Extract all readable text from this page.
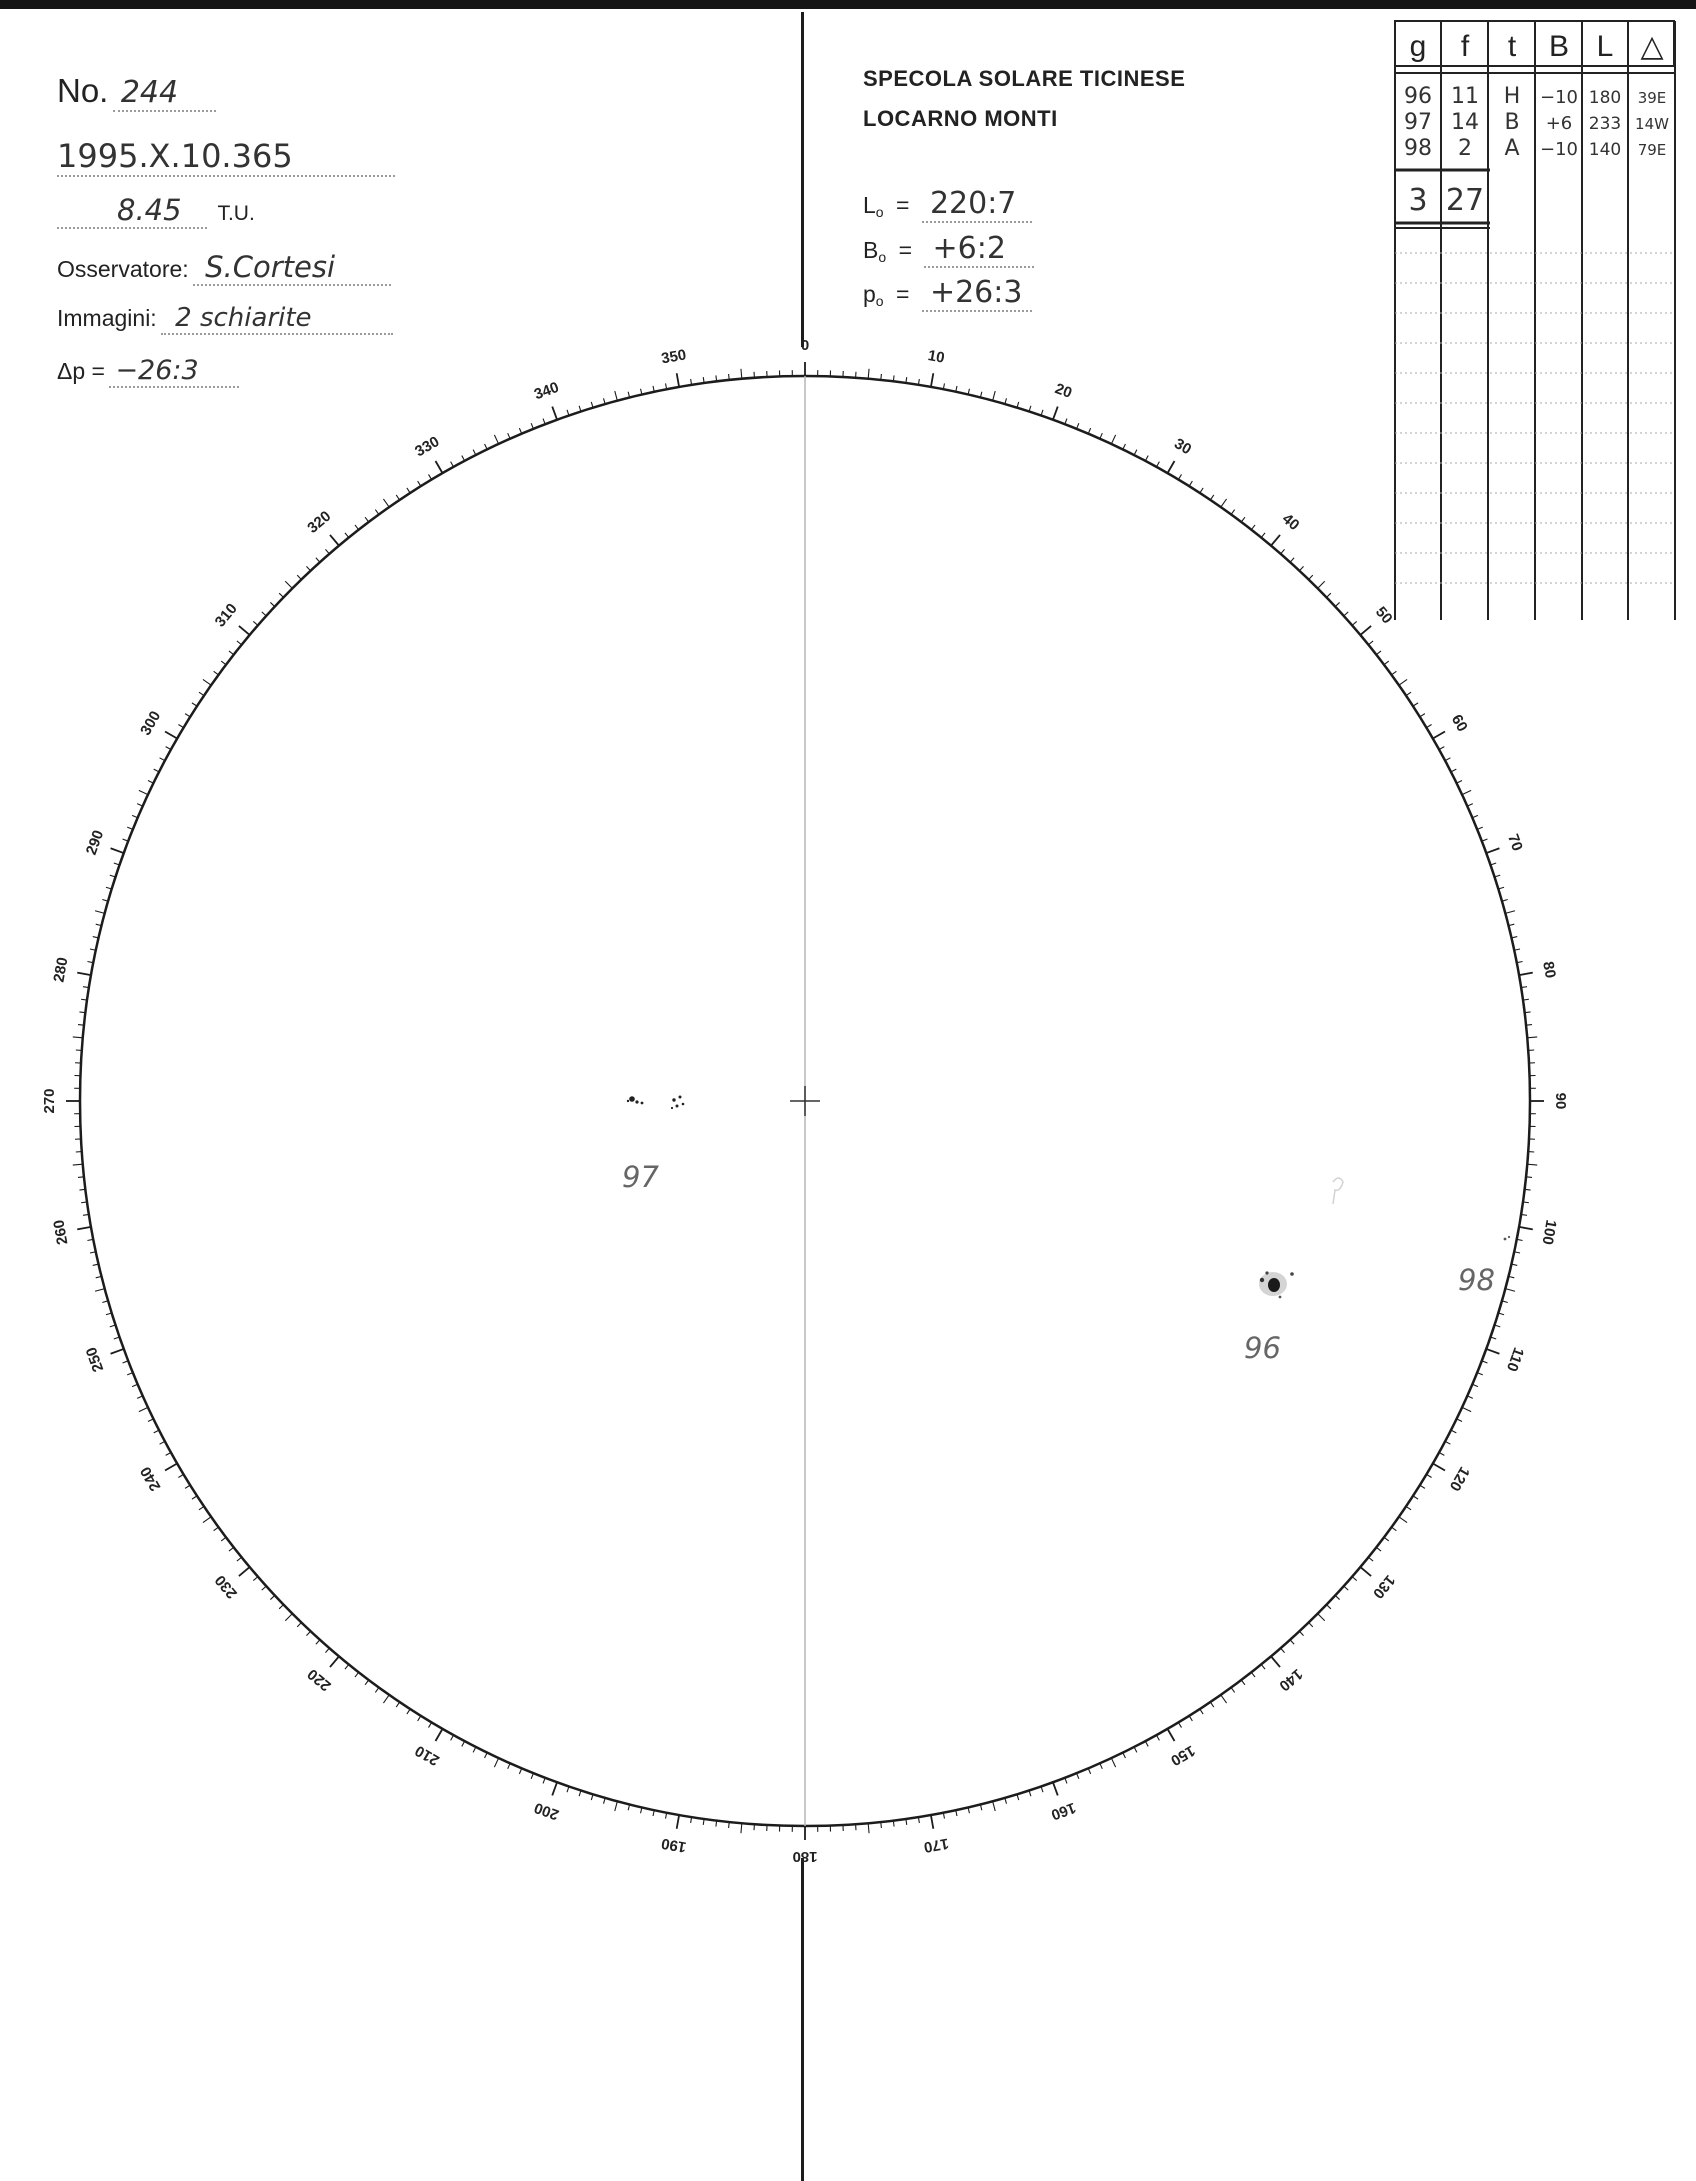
No. 244
1995.X.10.365
8.45 T.U.
Osservatore: S.Cortesi
Immagini: 2 schiarite
Δp = −26:3
SPECOLA SOLARE TICINESE
LOCARNO MONTI
$L_o$ = 220:7
$B_o$ = +6:2
$p_o$ = +26:3
g f t B L △
96 11 H −10 180 39E
97 14 B +6 233 14W
98 2 A −10 140 79E
3 27
0
10
20
30
40
50
60
70
80
90
100
110
120
130
140
150
160
170
180
190
200
210
220
230
240
250
260
270
280
290
300
310
320
330
340
350
97
96
98
